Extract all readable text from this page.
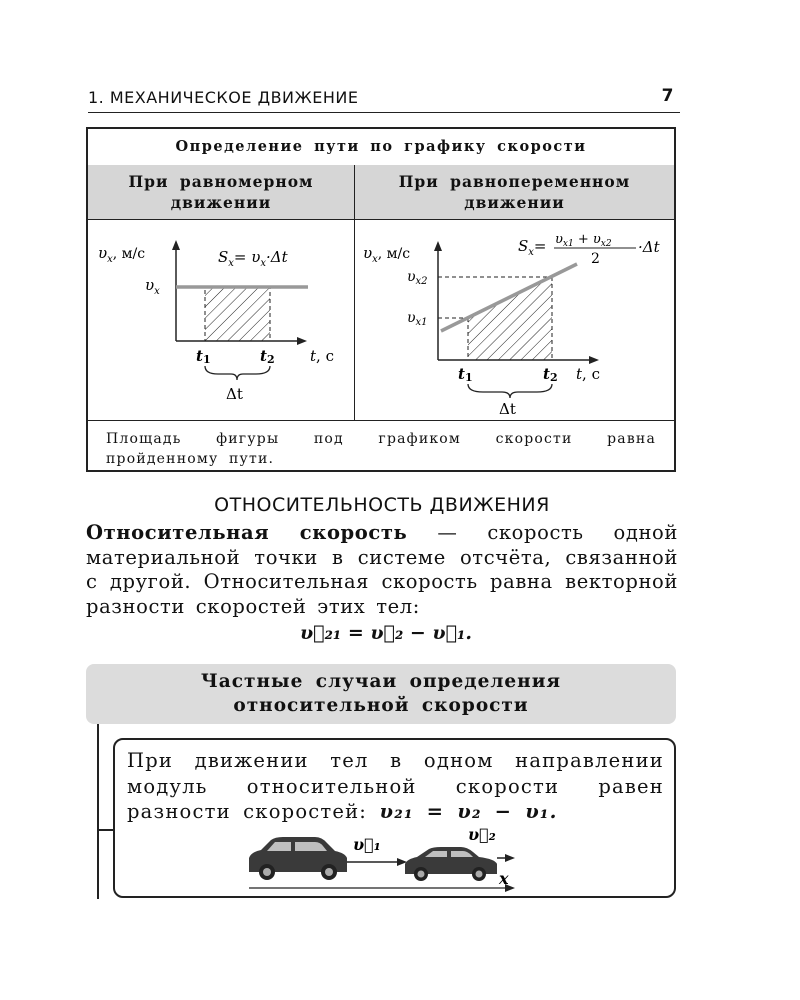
1. МЕХАНИЧЕСКОЕ ДВИЖЕНИЕ	7
Определение пути по графику скорости
При равномерном
движении
При равнопеременном
движении
$\upsilon_x$, м/с	$S_x= \upsilon_x\cdot\Delta t$
$\upsilon_x$
t1	t2 t, с
Δt
$\upsilon_x$, м/с	$S_x= \upsilon_{x1} + \upsilon_{x2}$
2
·Δt
$\upsilon_{x2}$
$\upsilon_{x1}$
t1	t2 t, с
Δt
Площадь фигуры под графиком скорости равна пройденному пути.
ОТНОСИТЕЛЬНОСТЬ ДВИЖЕНИЯ
Относительная скорость — скорость одной материальной точки в системе отсчёта, связанной с другой. Относительная скорость равна векторной разности скоростей этих тел:
υ⃗₂₁ = υ⃗₂ − υ⃗₁.
Частные случаи определения
относительной скорости
При движении тел в одном направлении модуль относительной скорости равен разности скоростей: υ₂₁ = υ₂ − υ₁.
υ⃗₁
υ⃗₂
x
